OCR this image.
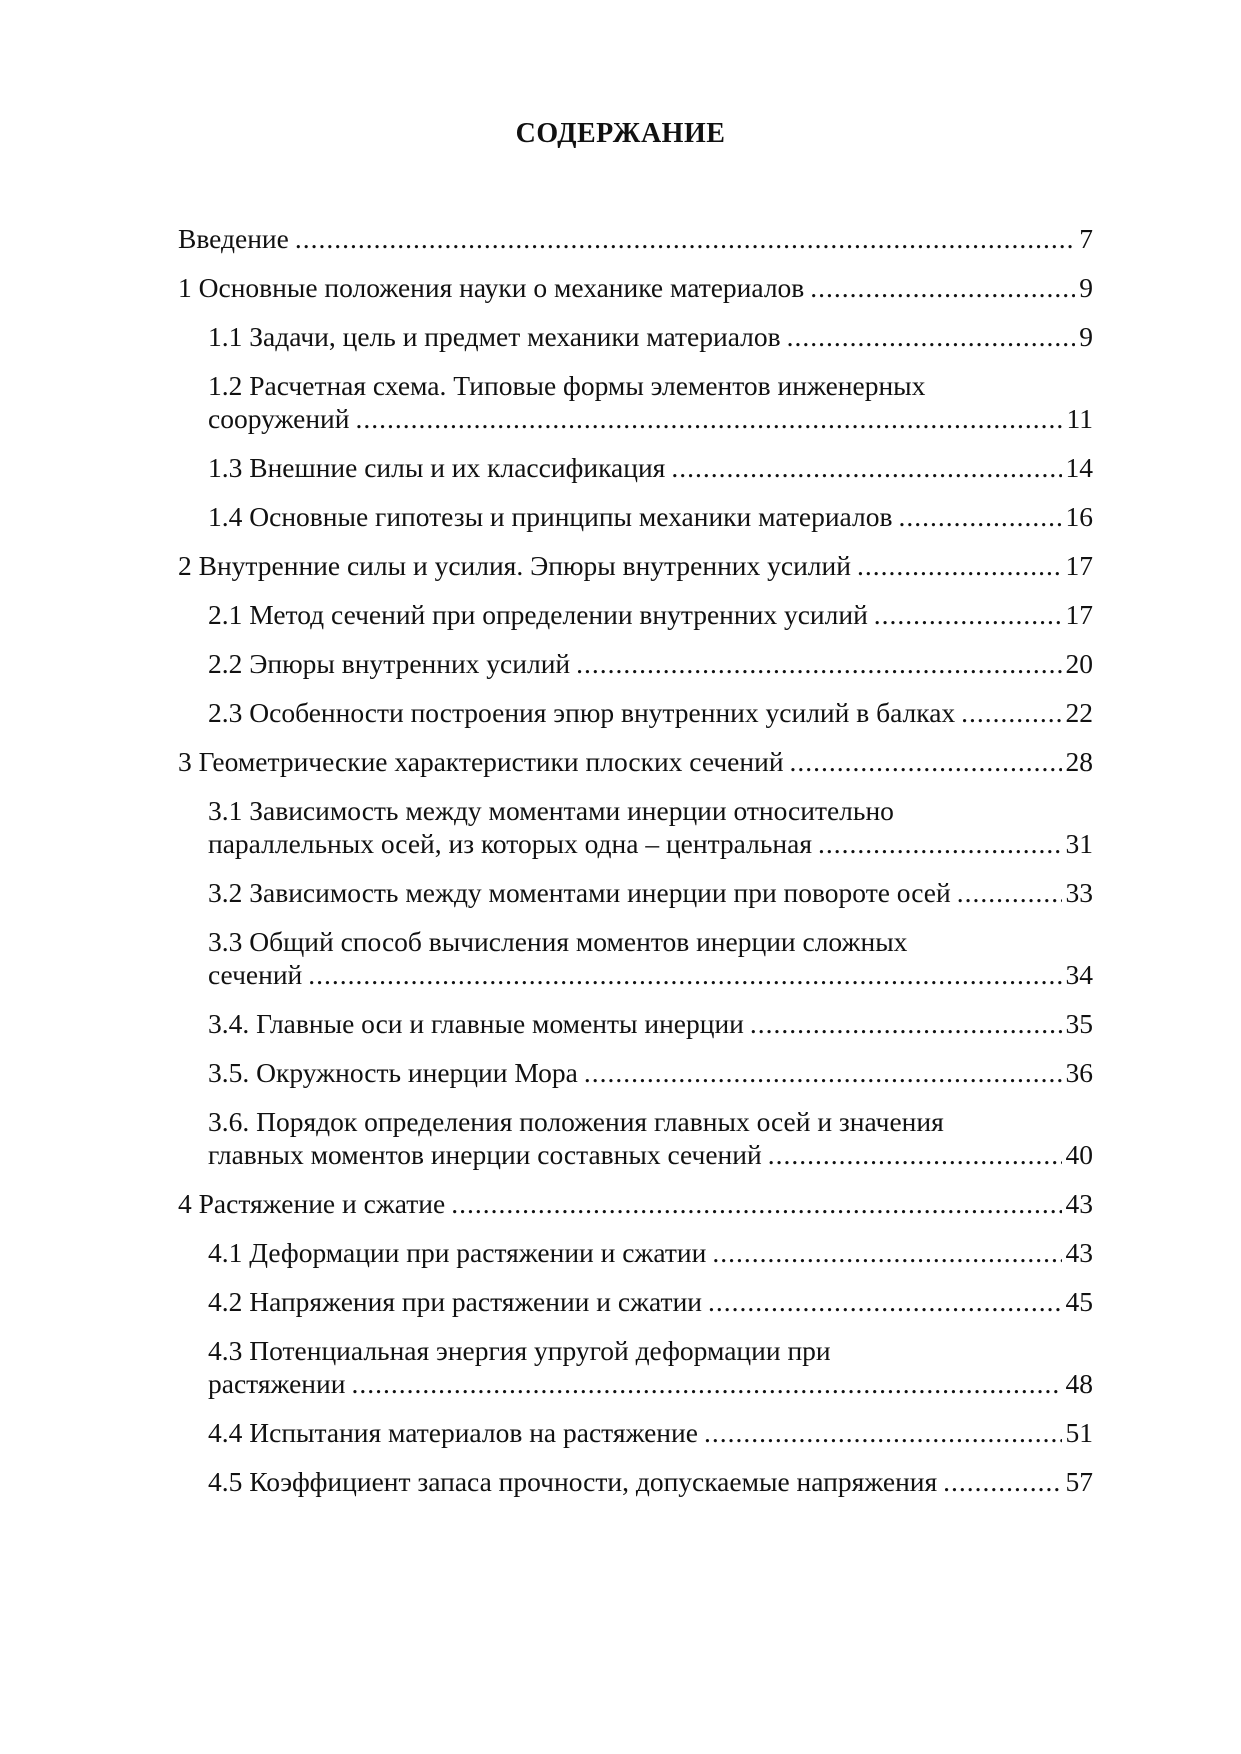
СОДЕРЖАНИЕ
Введение .....	7
1 Основные положения науки о механике материалов .....	9
1.1 Задачи, цель и предмет механики материалов .....	9
1.2 Расчетная схема. Типовые формы элементов инженерных
сооружений .....	11
1.3 Внешние силы и их классификация .....	14
1.4 Основные гипотезы и принципы механики материалов .....	16
2 Внутренние силы и усилия. Эпюры внутренних усилий .....	17
2.1 Метод сечений при определении внутренних усилий .....	17
2.2 Эпюры внутренних усилий .....	20
2.3 Особенности построения эпюр внутренних усилий в балках .....	22
3 Геометрические характеристики плоских сечений .....	28
3.1 Зависимость между моментами инерции относительно
параллельных осей, из которых одна – центральная .....	31
3.2 Зависимость между моментами инерции при повороте осей .....	33
3.3 Общий способ вычисления моментов инерции сложных
сечений .....	34
3.4. Главные оси и главные моменты инерции .....	35
3.5. Окружность инерции Мора .....	36
3.6. Порядок определения положения главных осей и значения
главных моментов инерции составных сечений .....	40
4 Растяжение и сжатие .....	43
4.1 Деформации при растяжении и сжатии .....	43
4.2 Напряжения при растяжении и сжатии .....	45
4.3 Потенциальная энергия упругой деформации при
растяжении .....	48
4.4 Испытания материалов на растяжение .....	51
4.5 Коэффициент запаса прочности, допускаемые напряжения .....	57
